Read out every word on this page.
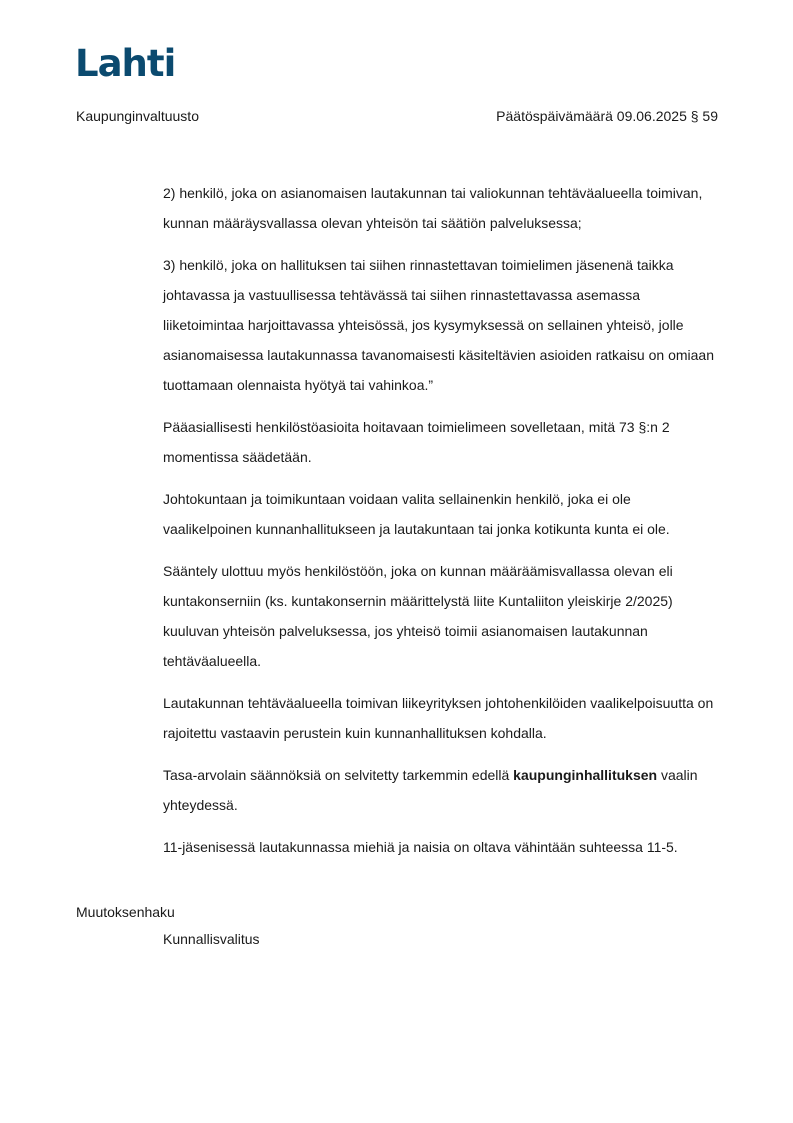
Lahti
Kaupunginvaltuusto	Päätöspäivämäärä 09.06.2025 § 59

2) henkilö, joka on asianomaisen lautakunnan tai valiokunnan tehtäväalueella toimivan, kunnan määräysvallassa olevan yhteisön tai säätiön palveluksessa;

3) henkilö, joka on hallituksen tai siihen rinnastettavan toimielimen jäsenenä taikka johtavassa ja vastuullisessa tehtävässä tai siihen rinnastettavassa asemassa liiketoimintaa harjoittavassa yhteisössä, jos kysymyksessä on sellainen yhteisö, jolle asianomaisessa lautakunnassa tavanomaisesti käsiteltävien asioiden ratkaisu on omiaan tuottamaan olennaista hyötyä tai vahinkoa.”

Pääasiallisesti henkilöstöasioita hoitavaan toimielimeen sovelletaan, mitä 73 §:n 2 momentissa säädetään.

Johtokuntaan ja toimikuntaan voidaan valita sellainenkin henkilö, joka ei ole vaalikelpoinen kunnanhallitukseen ja lautakuntaan tai jonka kotikunta kunta ei ole.

Sääntely ulottuu myös henkilöstöön, joka on kunnan määräämisvallassa olevan eli kuntakonserniin (ks. kuntakonsernin määrittelystä liite Kuntaliiton yleiskirje 2/2025) kuuluvan yhteisön palveluksessa, jos yhteisö toimii asianomaisen lautakunnan tehtäväalueella.

Lautakunnan tehtäväalueella toimivan liikeyrityksen johtohenkilöiden vaalikelpoisuutta on rajoitettu vastaavin perustein kuin kunnanhallituksen kohdalla.

Tasa-arvolain säännöksiä on selvitetty tarkemmin edellä kaupunginhallituksen vaalin yhteydessä.

11-jäsenisessä lautakunnassa miehiä ja naisia on oltava vähintään suhteessa 11-5.

Muutoksenhaku
Kunnallisvalitus
